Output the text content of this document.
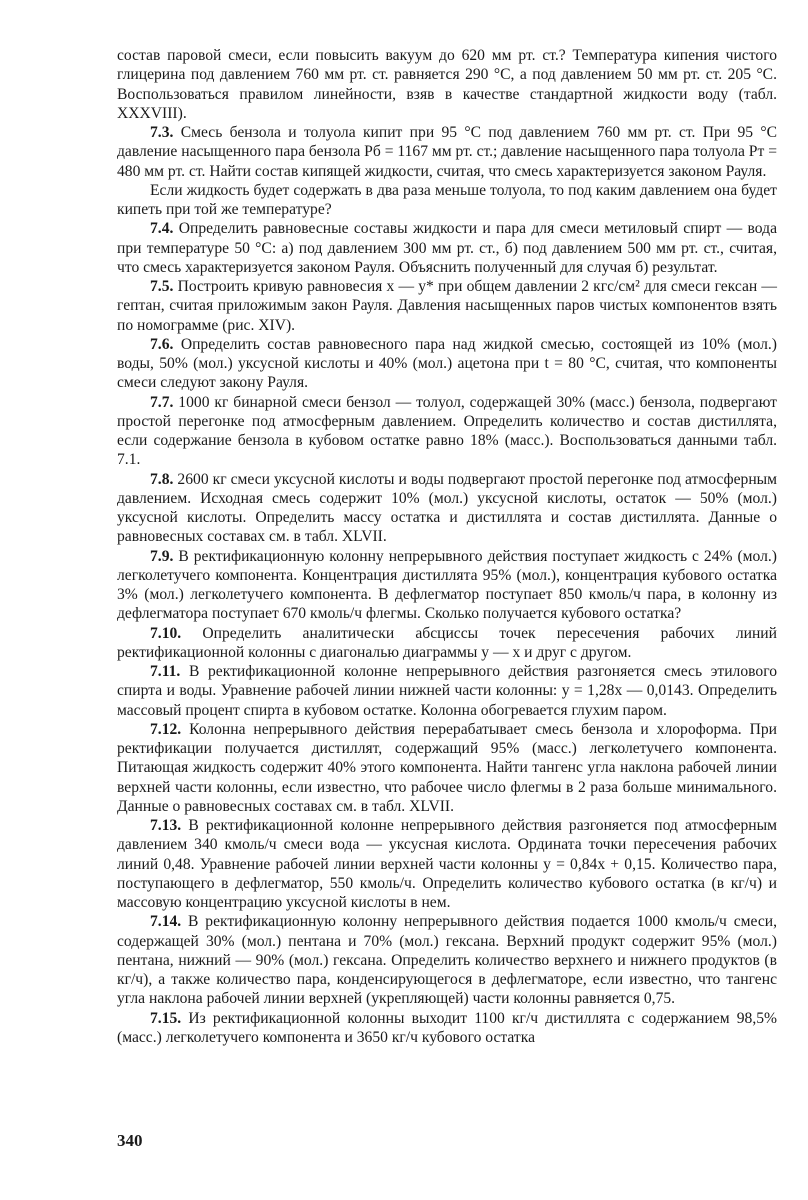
состав паровой смеси, если повысить вакуум до 620 мм рт. ст.? Температура кипения чистого глицерина под давлением 760 мм рт. ст. равняется 290 °С, а под давлением 50 мм рт. ст. 205 °С. Воспользоваться правилом линейности, взяв в качестве стандартной жидкости воду (табл. XXXVIII).

7.3. Смесь бензола и толуола кипит при 95 °С под давлением 760 мм рт. ст. При 95 °С давление насыщенного пара бензола Pб = 1167 мм рт. ст.; давление насыщенного пара толуола Pт = 480 мм рт. ст. Найти состав кипящей жидкости, считая, что смесь характеризуется законом Рауля.

Если жидкость будет содержать в два раза меньше толуола, то под каким давлением она будет кипеть при той же температуре?

7.4. Определить равновесные составы жидкости и пара для смеси метиловый спирт — вода при температуре 50 °С: а) под давлением 300 мм рт. ст., б) под давлением 500 мм рт. ст., считая, что смесь характеризуется законом Рауля. Объяснить полученный для случая б) результат.

7.5. Построить кривую равновесия x — y* при общем давлении 2 кгс/см² для смеси гексан — гептан, считая приложимым закон Рауля. Давления насыщенных паров чистых компонентов взять по номограмме (рис. XIV).

7.6. Определить состав равновесного пара над жидкой смесью, состоящей из 10% (мол.) воды, 50% (мол.) уксусной кислоты и 40% (мол.) ацетона при t = 80 °С, считая, что компоненты смеси следуют закону Рауля.

7.7. 1000 кг бинарной смеси бензол — толуол, содержащей 30% (масс.) бензола, подвергают простой перегонке под атмосферным давлением. Определить количество и состав дистиллята, если содержание бензола в кубовом остатке равно 18% (масс.). Воспользоваться данными табл. 7.1.

7.8. 2600 кг смеси уксусной кислоты и воды подвергают простой перегонке под атмосферным давлением. Исходная смесь содержит 10% (мол.) уксусной кислоты, остаток — 50% (мол.) уксусной кислоты. Определить массу остатка и дистиллята и состав дистиллята. Данные о равновесных составах см. в табл. XLVII.

7.9. В ректификационную колонну непрерывного действия поступает жидкость с 24% (мол.) легколетучего компонента. Концентрация дистиллята 95% (мол.), концентрация кубового остатка 3% (мол.) легколетучего компонента. В дефлегматор поступает 850 кмоль/ч пара, в колонну из дефлегматора поступает 670 кмоль/ч флегмы. Сколько получается кубового остатка?

7.10. Определить аналитически абсциссы точек пересечения рабочих линий ректификационной колонны с диагональю диаграммы y — x и друг с другом.

7.11. В ректификационной колонне непрерывного действия разгоняется смесь этилового спирта и воды. Уравнение рабочей линии нижней части колонны: y = 1,28x — 0,0143. Определить массовый процент спирта в кубовом остатке. Колонна обогревается глухим паром.

7.12. Колонна непрерывного действия перерабатывает смесь бензола и хлороформа. При ректификации получается дистиллят, содержащий 95% (масс.) легколетучего компонента. Питающая жидкость содержит 40% этого компонента. Найти тангенс угла наклона рабочей линии верхней части колонны, если известно, что рабочее число флегмы в 2 раза больше минимального. Данные о равновесных составах см. в табл. XLVII.

7.13. В ректификационной колонне непрерывного действия разгоняется под атмосферным давлением 340 кмоль/ч смеси вода — уксусная кислота. Ордината точки пересечения рабочих линий 0,48. Уравнение рабочей линии верхней части колонны y = 0,84x + 0,15. Количество пара, поступающего в дефлегматор, 550 кмоль/ч. Определить количество кубового остатка (в кг/ч) и массовую концентрацию уксусной кислоты в нем.

7.14. В ректификационную колонну непрерывного действия подается 1000 кмоль/ч смеси, содержащей 30% (мол.) пентана и 70% (мол.) гексана. Верхний продукт содержит 95% (мол.) пентана, нижний — 90% (мол.) гексана. Определить количество верхнего и нижнего продуктов (в кг/ч), а также количество пара, конденсирующегося в дефлегматоре, если известно, что тангенс угла наклона рабочей линии верхней (укрепляющей) части колонны равняется 0,75.

7.15. Из ректификационной колонны выходит 1100 кг/ч дистиллята с содержанием 98,5% (масс.) легколетучего компонента и 3650 кг/ч кубового остатка

340
